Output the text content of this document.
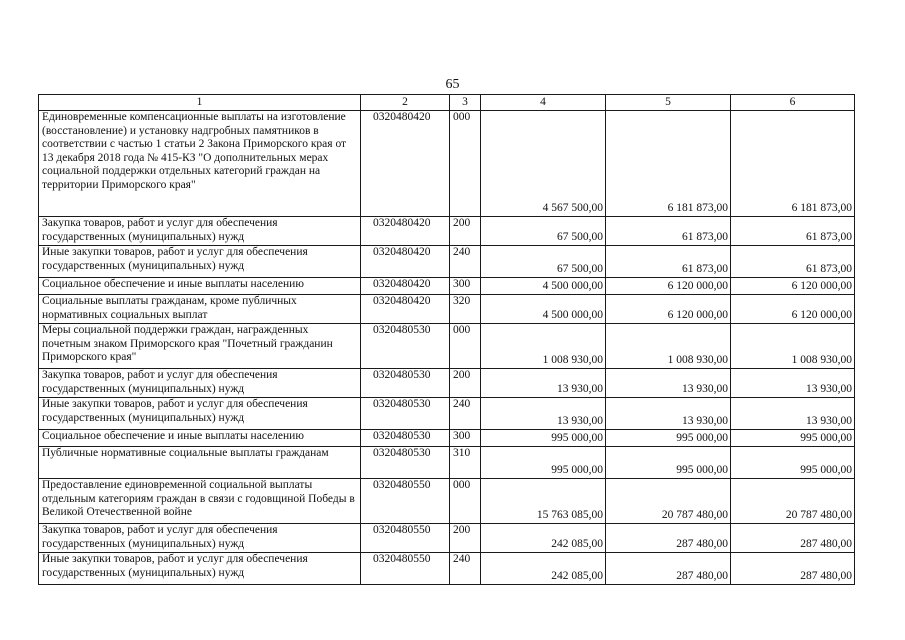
65
1	2	3	4	5	6
Единовременные компенсационные выплаты на изготовление (восстановление) и установку надгробных памятников в соответствии с частью 1 статьи 2 Закона Приморского края от 13 декабря 2018 года № 415-КЗ "О дополнительных мерах социальной поддержки отдельных категорий граждан на территории Приморского края"	0320480420	000	4 567 500,00	6 181 873,00	6 181 873,00
Закупка товаров, работ и услуг для обеспечения государственных (муниципальных) нужд	0320480420	200	67 500,00	61 873,00	61 873,00
Иные закупки товаров, работ и услуг для обеспечения государственных (муниципальных) нужд	0320480420	240	67 500,00	61 873,00	61 873,00
Социальное обеспечение и иные выплаты населению	0320480420	300	4 500 000,00	6 120 000,00	6 120 000,00
Социальные выплаты гражданам, кроме публичных нормативных социальных выплат	0320480420	320	4 500 000,00	6 120 000,00	6 120 000,00
Меры социальной поддержки граждан, награжденных почетным знаком Приморского края "Почетный гражданин Приморского края"	0320480530	000	1 008 930,00	1 008 930,00	1 008 930,00
Закупка товаров, работ и услуг для обеспечения государственных (муниципальных) нужд	0320480530	200	13 930,00	13 930,00	13 930,00
Иные закупки товаров, работ и услуг для обеспечения государственных (муниципальных) нужд	0320480530	240	13 930,00	13 930,00	13 930,00
Социальное обеспечение и иные выплаты населению	0320480530	300	995 000,00	995 000,00	995 000,00
Публичные нормативные социальные выплаты гражданам	0320480530	310	995 000,00	995 000,00	995 000,00
Предоставление единовременной социальной выплаты отдельным категориям граждан в связи с годовщиной Победы в Великой Отечественной войне	0320480550	000	15 763 085,00	20 787 480,00	20 787 480,00
Закупка товаров, работ и услуг для обеспечения государственных (муниципальных) нужд	0320480550	200	242 085,00	287 480,00	287 480,00
Иные закупки товаров, работ и услуг для обеспечения государственных (муниципальных) нужд	0320480550	240	242 085,00	287 480,00	287 480,00
